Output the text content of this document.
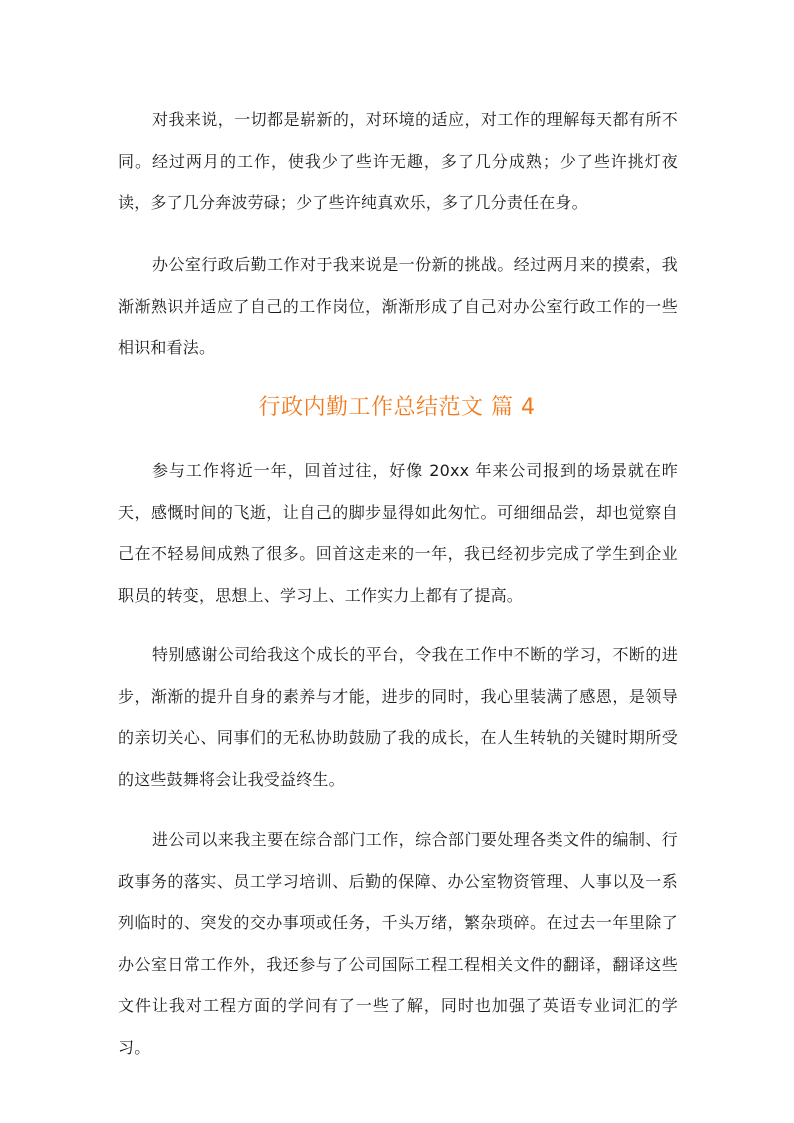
对我来说，一切都是崭新的，对环境的适应，对工作的理解每天都有所不同。经过两月的工作，使我少了些许无趣，多了几分成熟；少了些许挑灯夜读，多了几分奔波劳碌；少了些许纯真欢乐，多了几分责任在身。

办公室行政后勤工作对于我来说是一份新的挑战。经过两月来的摸索，我渐渐熟识并适应了自己的工作岗位，渐渐形成了自己对办公室行政工作的一些相识和看法。

行政内勤工作总结范文 篇 4

参与工作将近一年，回首过往，好像 20xx 年来公司报到的场景就在昨天，感慨时间的飞逝，让自己的脚步显得如此匆忙。可细细品尝，却也觉察自己在不轻易间成熟了很多。回首这走来的一年，我已经初步完成了学生到企业职员的转变，思想上、学习上、工作实力上都有了提高。

特别感谢公司给我这个成长的平台，令我在工作中不断的学习，不断的进步，渐渐的提升自身的素养与才能，进步的同时，我心里装满了感恩，是领导的亲切关心、同事们的无私协助鼓励了我的成长，在人生转轨的关键时期所受的这些鼓舞将会让我受益终生。

进公司以来我主要在综合部门工作，综合部门要处理各类文件的编制、行政事务的落实、员工学习培训、后勤的保障、办公室物资管理、人事以及一系列临时的、突发的交办事项或任务，千头万绪，繁杂琐碎。在过去一年里除了办公室日常工作外，我还参与了公司国际工程工程相关文件的翻译，翻译这些文件让我对工程方面的学问有了一些了解，同时也加强了英语专业词汇的学习。
